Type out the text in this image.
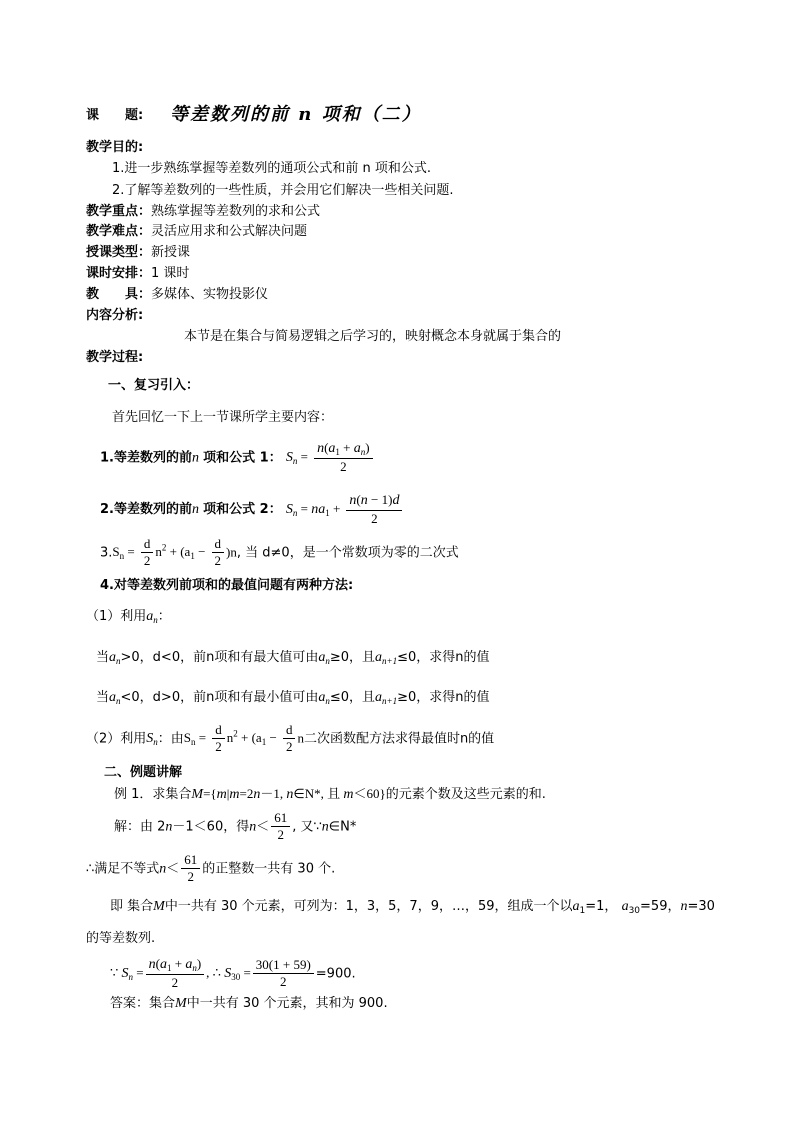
课　　题: 等差数列的前 n 项和（二）
教学目的:
1.进一步熟练掌握等差数列的通项公式和前 n 项和公式.
2.了解等差数列的一些性质，并会用它们解决一些相关问题.
教学重点：熟练掌握等差数列的求和公式
教学难点：灵活应用求和公式解决问题
授课类型：新授课
课时安排：1 课时
教　　具：多媒体、实物投影仪
内容分析:
本节是在集合与简易逻辑之后学习的，映射概念本身就属于集合的
教学过程:
一、复习引入：
首先回忆一下上一节课所学主要内容：
1.等差数列的前n 项和公式 1： $S_n = \frac{n(a_1 + a_n)}{2}$
2.等差数列的前n 项和公式 2： $S_n = na_1 + \frac{n(n - 1)d}{2}$
$3.S_n = \frac{d}{2} n^2 + (a_1 - \frac{d}{2} )n$, 当 d≠0，是一个常数项为零的二次式
4.对等差数列前项和的最值问题有两种方法:
（1）利用$a_n$：
当$a_n>0$，d<0，前n项和有最大值可由$a_n\ge 0$，且$a_{n+1}\le 0$，求得n的值
当$a_n<0$，d>0，前n项和有最小值可由$a_n\le 0$，且$a_{n+1}\ge 0$，求得n的值
（2）利用$S_n$：由$S_n = \frac{d}{2} n^2 + (a_1 - \frac{d}{2}$ n二次函数配方法求得最值时n的值
二、例题讲解
例 1．求集合M={m|m=2n－1, n∈N*, 且 m＜60}的元素个数及这些元素的和.
解：由 2n－1＜60，得$n< \frac{61}{2}$ , 又∵n∈N*
∴满足不等式$n< \frac{61}{2}$ 的正整数一共有 30 个.
即 集合M中一共有 30 个元素，可列为：1，3，5，7，9，…，59，组成一个以$a_1=1$， $a_{30}=59$，n=30
的等差数列.
∵ $S_n = \frac{n(a_1 + a_n)}{2}$ , ∴ $S_{30} = \frac{30(1 + 59)}{2} =900$.
答案：集合M中一共有 30 个元素，其和为 900.
